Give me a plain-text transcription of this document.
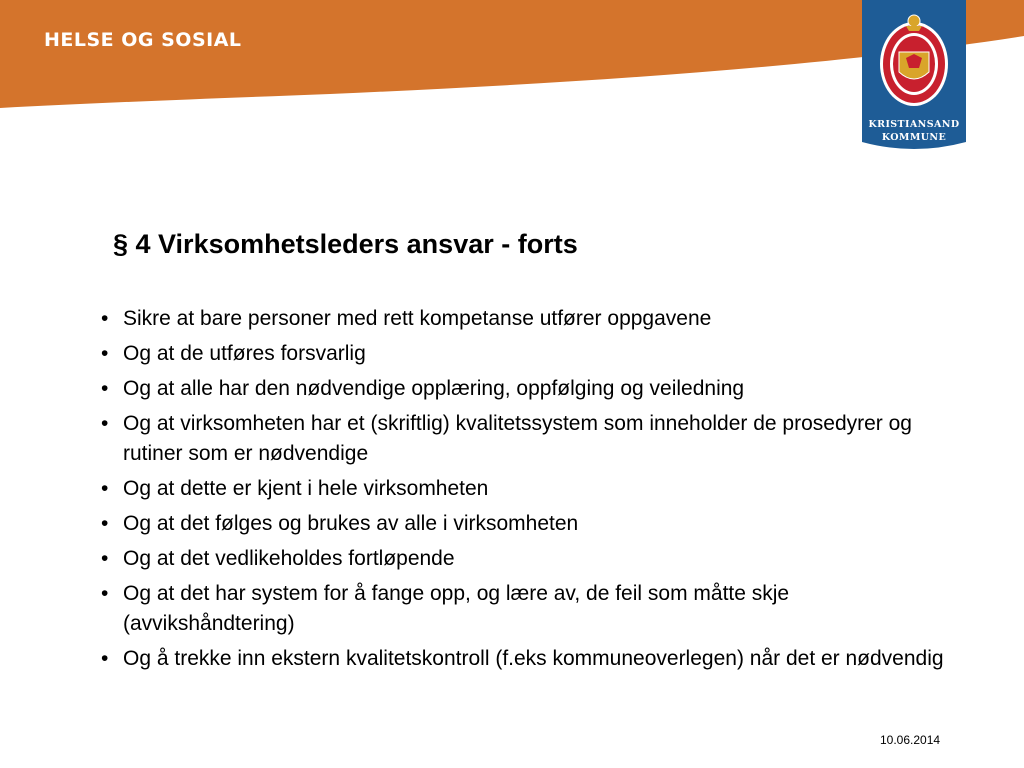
HELSE OG SOSIAL
KRISTIANSAND
KOMMUNE
§ 4 Virksomhetsleders ansvar - forts
• Sikre at bare personer med rett kompetanse utfører oppgavene
• Og at de utføres forsvarlig
• Og at alle har den nødvendige opplæring, oppfølging og veiledning
• Og at virksomheten har et (skriftlig) kvalitetssystem som inneholder de prosedyrer og rutiner som er nødvendige
• Og at dette er kjent i hele virksomheten
• Og at det følges og brukes av alle i virksomheten
• Og at det vedlikeholdes fortløpende
• Og at det har system for å fange opp, og lære av, de feil som måtte skje (avvikshåndtering)
• Og å trekke inn ekstern kvalitetskontroll (f.eks kommuneoverlegen) når det er nødvendig
10.06.2014
